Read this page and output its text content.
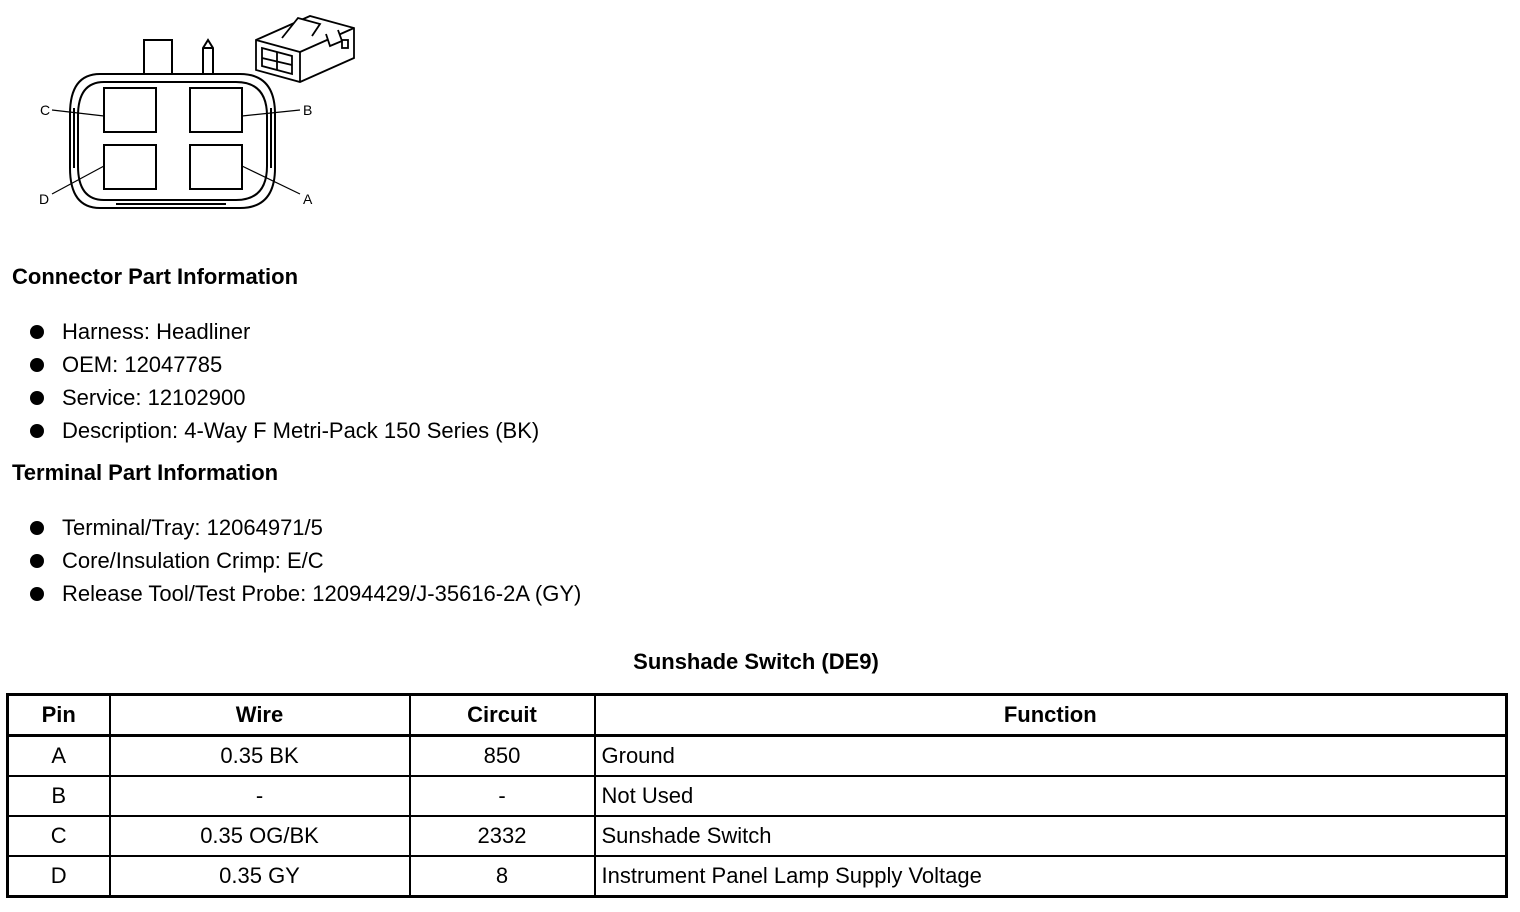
C	B
D	A
Connector Part Information
Harness: Headliner
OEM: 12047785
Service: 12102900
Description: 4-Way F Metri-Pack 150 Series (BK)
Terminal Part Information
Terminal/Tray: 12064971/5
Core/Insulation Crimp: E/C
Release Tool/Test Probe: 12094429/J-35616-2A (GY)
Sunshade Switch (DE9)
Pin	Wire	Circuit	Function
A	0.35 BK	850	Ground
B	-	-	Not Used
C	0.35 OG/BK	2332	Sunshade Switch
D	0.35 GY	8	Instrument Panel Lamp Supply Voltage
